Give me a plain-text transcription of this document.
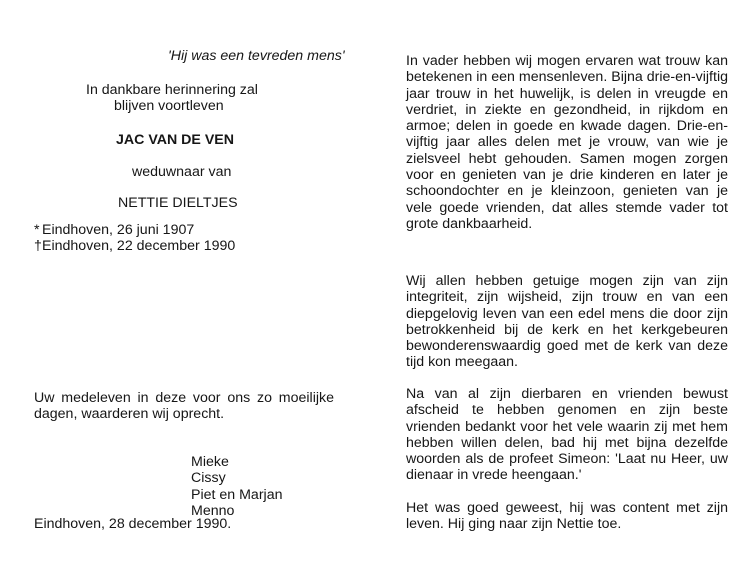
'Hij was een tevreden mens'
In dankbare herinnering zal
blijven voortleven
JAC VAN DE VEN
weduwnaar van
NETTIE DIELTJES
* Eindhoven, 26 juni 1907
†Eindhoven, 22 december 1990

Uw medeleven in deze voor ons zo moeilijke dagen, waarderen wij oprecht.

Mieke
Cissy
Piet en Marjan
Menno
Eindhoven, 28 december 1990.

In vader hebben wij mogen ervaren wat trouw kan betekenen in een mensenleven. Bijna drie-en-vijftig jaar trouw in het huwelijk, is delen in vreugde en verdriet, in ziekte en gezondheid, in rijkdom en armoe; delen in goede en kwade dagen. Drie-en-vijftig jaar alles delen met je vrouw, van wie je zielsveel hebt gehouden. Samen mogen zorgen voor en genieten van je drie kinderen en later je schoondochter en je kleinzoon, genieten van je vele goede vrienden, dat alles stemde vader tot grote dankbaarheid.

Wij allen hebben getuige mogen zijn van zijn integriteit, zijn wijsheid, zijn trouw en van een diepgelovig leven van een edel mens die door zijn betrokkenheid bij de kerk en het kerkgebeuren bewonderenswaardig goed met de kerk van deze tijd kon meegaan.

Na van al zijn dierbaren en vrienden bewust afscheid te hebben genomen en zijn beste vrienden bedankt voor het vele waarin zij met hem hebben willen delen, bad hij met bijna dezelfde woorden als de profeet Simeon: 'Laat nu Heer, uw dienaar in vrede heengaan.'

Het was goed geweest, hij was content met zijn leven. Hij ging naar zijn Nettie toe.
